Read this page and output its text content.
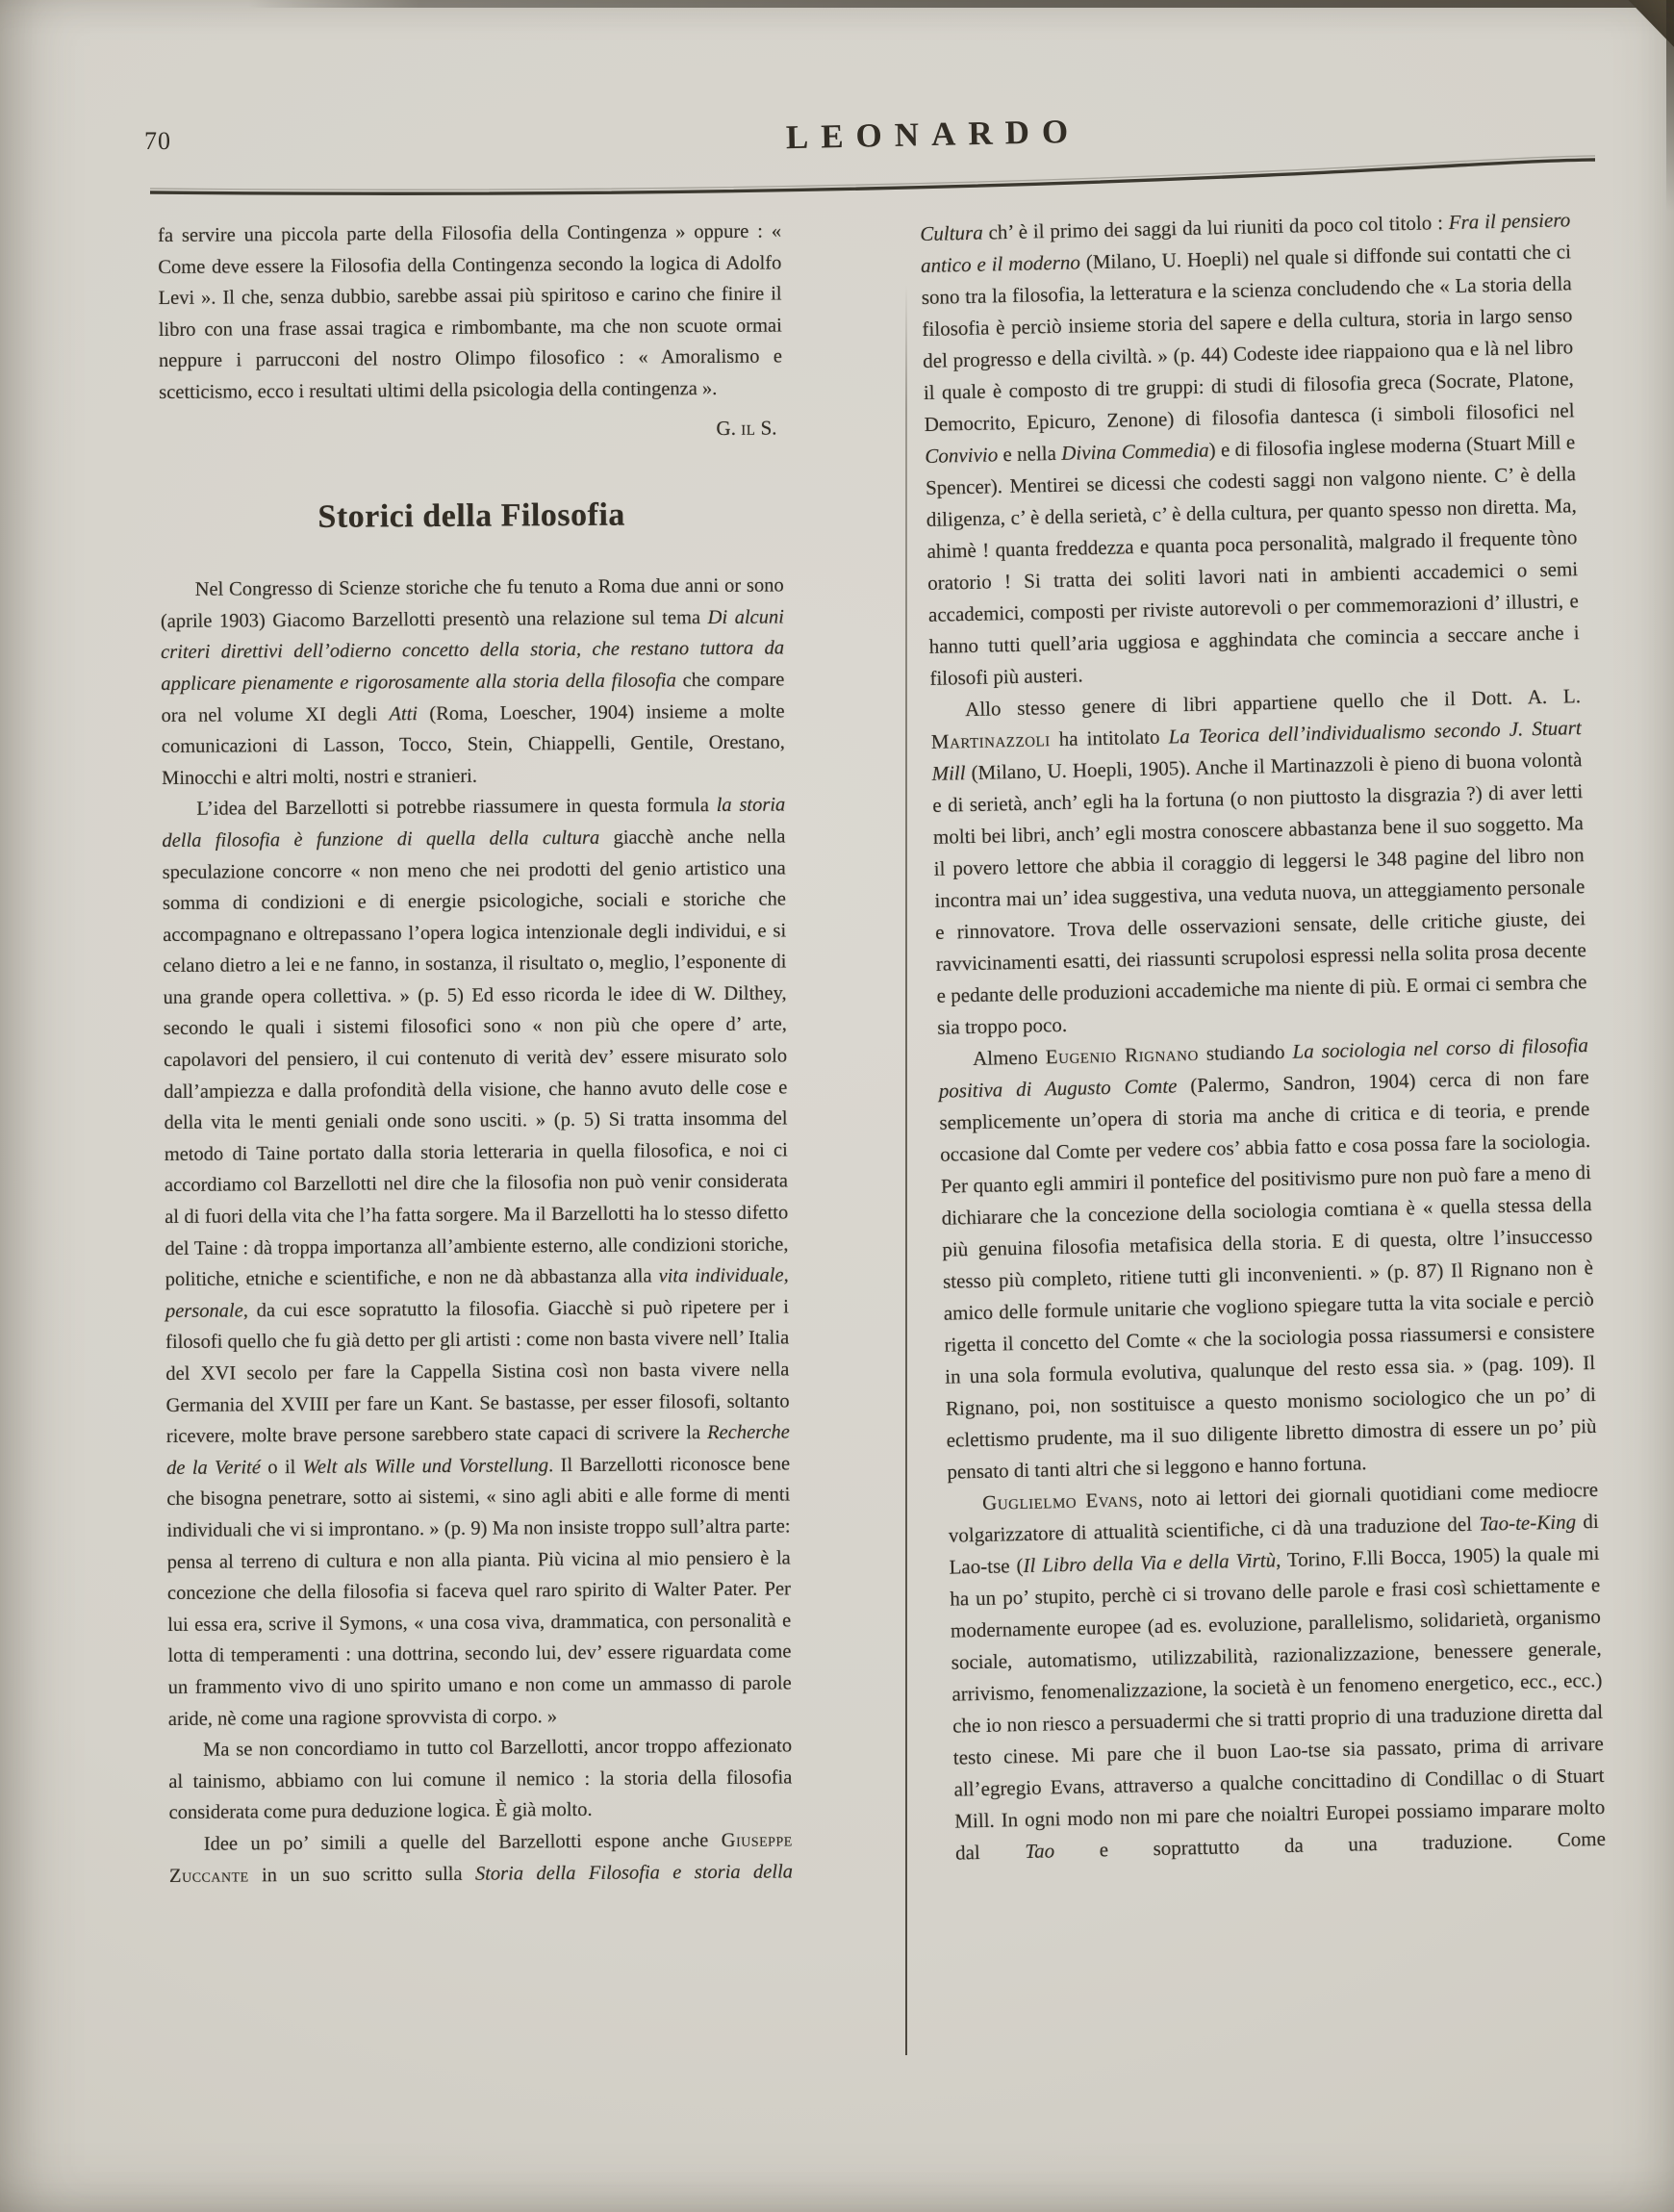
70	LEONARDO

fa servire una piccola parte della Filosofia della Contingenza » oppure : « Come deve essere la Filosofia della Contingenza secondo la logica di Adolfo Levi ». Il che, senza dubbio, sarebbe assai più spiritoso e carino che finire il libro con una frase assai tragica e rimbombante, ma che non scuote ormai neppure i parrucconi del nostro Olimpo filosofico : « Amoralismo e scetticismo, ecco i resultati ultimi della psicologia della contingenza ».

G. il S.

Storici della Filosofia

Nel Congresso di Scienze storiche che fu tenuto a Roma due anni or sono (aprile 1903) Giacomo Barzellotti presentò una relazione sul tema Di alcuni criteri direttivi dell’odierno concetto della storia, che restano tuttora da applicare pienamente e rigorosamente alla storia della filosofia che compare ora nel volume XI degli Atti (Roma, Loescher, 1904) insieme a molte comunicazioni di Lasson, Tocco, Stein, Chiappelli, Gentile, Orestano, Minocchi e altri molti, nostri e stranieri.

L’idea del Barzellotti si potrebbe riassumere in questa formula la storia della filosofia è funzione di quella della cultura giacchè anche nella speculazione concorre « non meno che nei prodotti del genio artistico una somma di condizioni e di energie psicologiche, sociali e storiche che accompagnano e oltrepassano l’opera logica intenzionale degli individui, e si celano dietro a lei e ne fanno, in sostanza, il risultato o, meglio, l’esponente di una grande opera collettiva. » (p. 5) Ed esso ricorda le idee di W. Dilthey, secondo le quali i sistemi filosofici sono « non più che opere d’ arte, capolavori del pensiero, il cui contenuto di verità dev’ essere misurato solo dall’ampiezza e dalla profondità della visione, che hanno avuto delle cose e della vita le menti geniali onde sono usciti. » (p. 5) Si tratta insomma del metodo di Taine portato dalla storia letteraria in quella filosofica, e noi ci accordiamo col Barzellotti nel dire che la filosofia non può venir considerata al di fuori della vita che l’ha fatta sorgere. Ma il Barzellotti ha lo stesso difetto del Taine : dà troppa importanza all’ambiente esterno, alle condizioni storiche, politiche, etniche e scientifiche, e non ne dà abbastanza alla vita individuale, personale, da cui esce sopratutto la filosofia. Giacchè si può ripetere per i filosofi quello che fu già detto per gli artisti : come non basta vivere nell’ Italia del XVI secolo per fare la Cappella Sistina così non basta vivere nella Germania del XVIII per fare un Kant. Se bastasse, per esser filosofi, soltanto ricevere, molte brave persone sarebbero state capaci di scrivere la Recherche de la Verité o il Welt als Wille und Vorstellung. Il Barzellotti riconosce bene che bisogna penetrare, sotto ai sistemi, « sino agli abiti e alle forme di menti individuali che vi si improntano. » (p. 9) Ma non insiste troppo sull’altra parte: pensa al terreno di cultura e non alla pianta. Più vicina al mio pensiero è la concezione che della filosofia si faceva quel raro spirito di Walter Pater. Per lui essa era, scrive il Symons, « una cosa viva, drammatica, con personalità e lotta di temperamenti : una dottrina, secondo lui, dev’ essere riguardata come un frammento vivo di uno spirito umano e non come un ammasso di parole aride, nè come una ragione sprovvista di corpo. »

Ma se non concordiamo in tutto col Barzellotti, ancor troppo affezionato al tainismo, abbiamo con lui comune il nemico : la storia della filosofia considerata come pura deduzione logica. È già molto.

Idee un po’ simili a quelle del Barzellotti espone anche Giuseppe Zuccante in un suo scritto sulla Storia della Filosofia e storia della

Cultura ch’ è il primo dei saggi da lui riuniti da poco col titolo : Fra il pensiero antico e il moderno (Milano, U. Hoepli) nel quale si diffonde sui contatti che ci sono tra la filosofia, la letteratura e la scienza concludendo che « La storia della filosofia è perciò insieme storia del sapere e della cultura, storia in largo senso del progresso e della civiltà. » (p. 44) Codeste idee riappaiono qua e là nel libro il quale è composto di tre gruppi: di studi di filosofia greca (Socrate, Platone, Democrito, Epicuro, Zenone) di filosofia dantesca (i simboli filosofici nel Convivio e nella Divina Commedia) e di filosofia inglese moderna (Stuart Mill e Spencer). Mentirei se dicessi che codesti saggi non valgono niente. C’ è della diligenza, c’ è della serietà, c’ è della cultura, per quanto spesso non diretta. Ma, ahimè ! quanta freddezza e quanta poca personalità, malgrado il frequente tòno oratorio ! Si tratta dei soliti lavori nati in ambienti accademici o semi accademici, composti per riviste autorevoli o per commemorazioni d’ illustri, e hanno tutti quell’aria uggiosa e agghindata che comincia a seccare anche i filosofi più austeri.

Allo stesso genere di libri appartiene quello che il Dott. A. L. Martinazzoli ha intitolato La Teorica dell’individualismo secondo J. Stuart Mill (Milano, U. Hoepli, 1905). Anche il Martinazzoli è pieno di buona volontà e di serietà, anch’ egli ha la fortuna (o non piuttosto la disgrazia ?) di aver letti molti bei libri, anch’ egli mostra conoscere abbastanza bene il suo soggetto. Ma il povero lettore che abbia il coraggio di leggersi le 348 pagine del libro non incontra mai un’ idea suggestiva, una veduta nuova, un atteggiamento personale e rinnovatore. Trova delle osservazioni sensate, delle critiche giuste, dei ravvicinamenti esatti, dei riassunti scrupolosi espressi nella solita prosa decente e pedante delle produzioni accademiche ma niente di più. E ormai ci sembra che sia troppo poco.

Almeno Eugenio Rignano studiando La sociologia nel corso di filosofia positiva di Augusto Comte (Palermo, Sandron, 1904) cerca di non fare semplicemente un’opera di storia ma anche di critica e di teoria, e prende occasione dal Comte per vedere cos’ abbia fatto e cosa possa fare la sociologia. Per quanto egli ammiri il pontefice del positivismo pure non può fare a meno di dichiarare che la concezione della sociologia comtiana è « quella stessa della più genuina filosofia metafisica della storia. E di questa, oltre l’insuccesso stesso più completo, ritiene tutti gli inconvenienti. » (p. 87) Il Rignano non è amico delle formule unitarie che vogliono spiegare tutta la vita sociale e perciò rigetta il concetto del Comte « che la sociologia possa riassumersi e consistere in una sola formula evolutiva, qualunque del resto essa sia. » (pag. 109). Il Rignano, poi, non sostituisce a questo monismo sociologico che un po’ di eclettismo prudente, ma il suo diligente libretto dimostra di essere un po’ più pensato di tanti altri che si leggono e hanno fortuna.

Guglielmo Evans, noto ai lettori dei giornali quotidiani come mediocre volgarizzatore di attualità scientifiche, ci dà una traduzione del Tao-te-King di Lao-tse (Il Libro della Via e della Virtù, Torino, F.lli Bocca, 1905) la quale mi ha un po’ stupito, perchè ci si trovano delle parole e frasi così schiettamente e modernamente europee (ad es. evoluzione, parallelismo, solidarietà, organismo sociale, automatismo, utilizzabilità, razionalizzazione, benessere generale, arrivismo, fenomenalizzazione, la società è un fenomeno energetico, ecc., ecc.) che io non riesco a persuadermi che si tratti proprio di una traduzione diretta dal testo cinese. Mi pare che il buon Lao-tse sia passato, prima di arrivare all’egregio Evans, attraverso a qualche concittadino di Condillac o di Stuart Mill. In ogni modo non mi pare che noialtri Europei possiamo imparare molto dal Tao e soprattutto da una traduzione. Come
